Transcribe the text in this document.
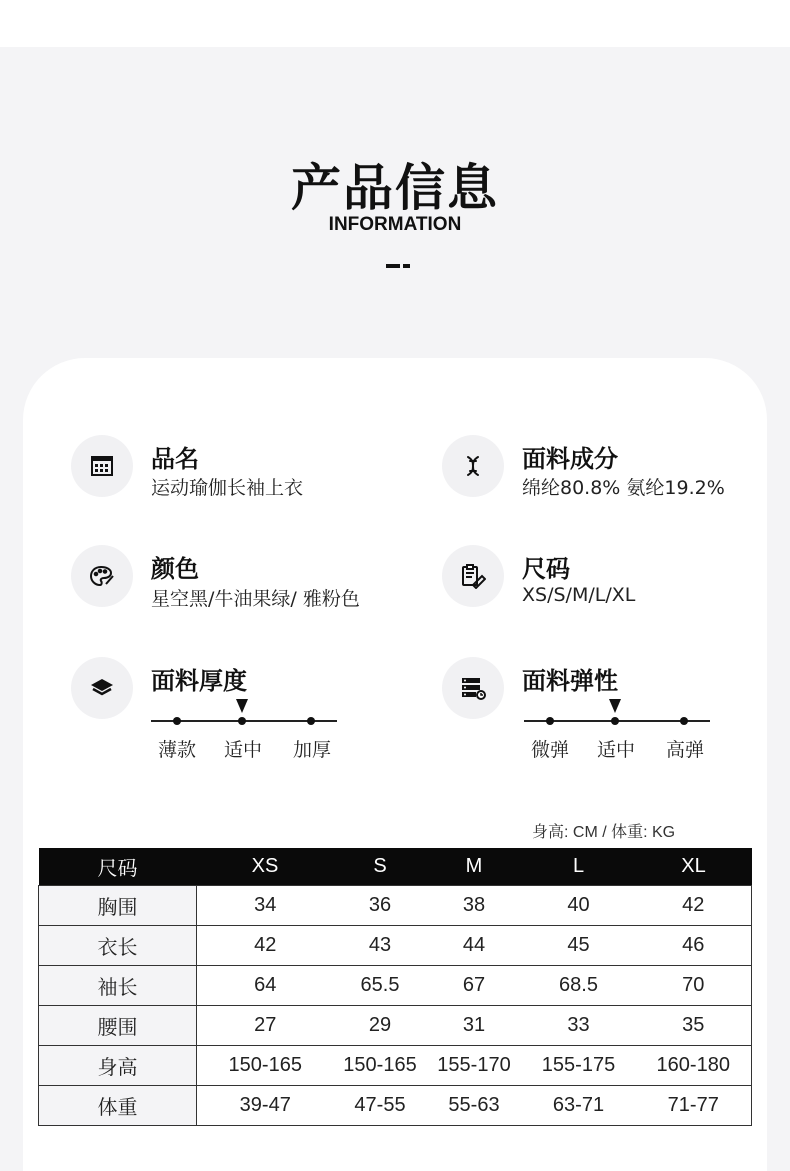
产品信息
INFORMATION
品名
运动瑜伽长袖上衣
面料成分
绵纶80.8% 氨纶19.2%
颜色
星空黑/牛油果绿/ 雅粉色
尺码
XS/S/M/L/XL
面料厚度
薄款 适中 加厚
面料弹性
微弹 适中 高弹
身高: CM / 体重: KG
尺码	XS	S	M	L	XL
胸围	34	36	38	40	42
衣长	42	43	44	45	46
袖长	64	65.5	67	68.5	70
腰围	27	29	31	33	35
身高	150-165	150-165	155-170	155-175	160-180
体重	39-47	47-55	55-63	63-71	71-77
